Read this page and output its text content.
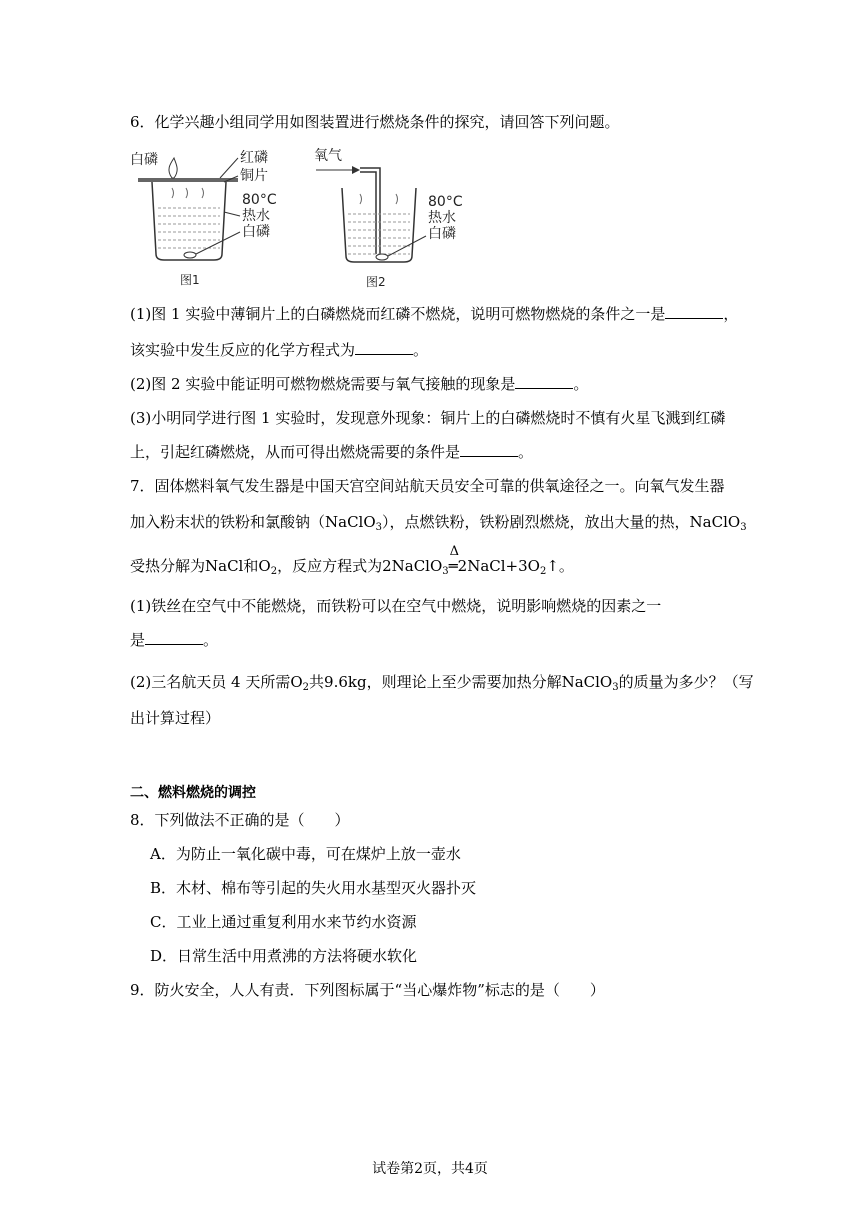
6．化学兴趣小组同学用如图装置进行燃烧条件的探究，请回答下列问题。
白磷	红磷
铜片
80°C
热水
白磷
图1
氧气
80°C
热水
白磷
图2
(1)图 1 实验中薄铜片上的白磷燃烧而红磷不燃烧，说明可燃物燃烧的条件之一是	，
该实验中发生反应的化学方程式为	。
(2)图 2 实验中能证明可燃物燃烧需要与氧气接触的现象是	。
(3)小明同学进行图 1 实验时，发现意外现象：铜片上的白磷燃烧时不慎有火星飞溅到红磷
上，引起红磷燃烧，从而可得出燃烧需要的条件是	。
7．固体燃料氧气发生器是中国天宫空间站航天员安全可靠的供氧途径之一。向氧气发生器
加入粉末状的铁粉和氯酸钠（NaClO$_3$），点燃铁粉，铁粉剧烈燃烧，放出大量的热，NaClO$_3$
受热分解为NaCl和$O_2$，反应方程式为2NaClO$_3$
Δ
$═2NaCl+3O_2↑$。
(1)铁丝在空气中不能燃烧，而铁粉可以在空气中燃烧，说明影响燃烧的因素之一
是	。
(2)三名航天员 4 天所需$O_2$共9.6kg，则理论上至少需要加热分解NaClO$_3$的质量为多少？（写
出计算过程）
二、燃料燃烧的调控
8．下列做法不正确的是（　　）
A．为防止一氧化碳中毒，可在煤炉上放一壶水
B．木材、棉布等引起的失火用水基型灭火器扑灭
C．工业上通过重复利用水来节约水资源
D．日常生活中用煮沸的方法将硬水软化
9．防火安全，人人有责．下列图标属于“当心爆炸物”标志的是（　　）
试卷第2页，共4页
